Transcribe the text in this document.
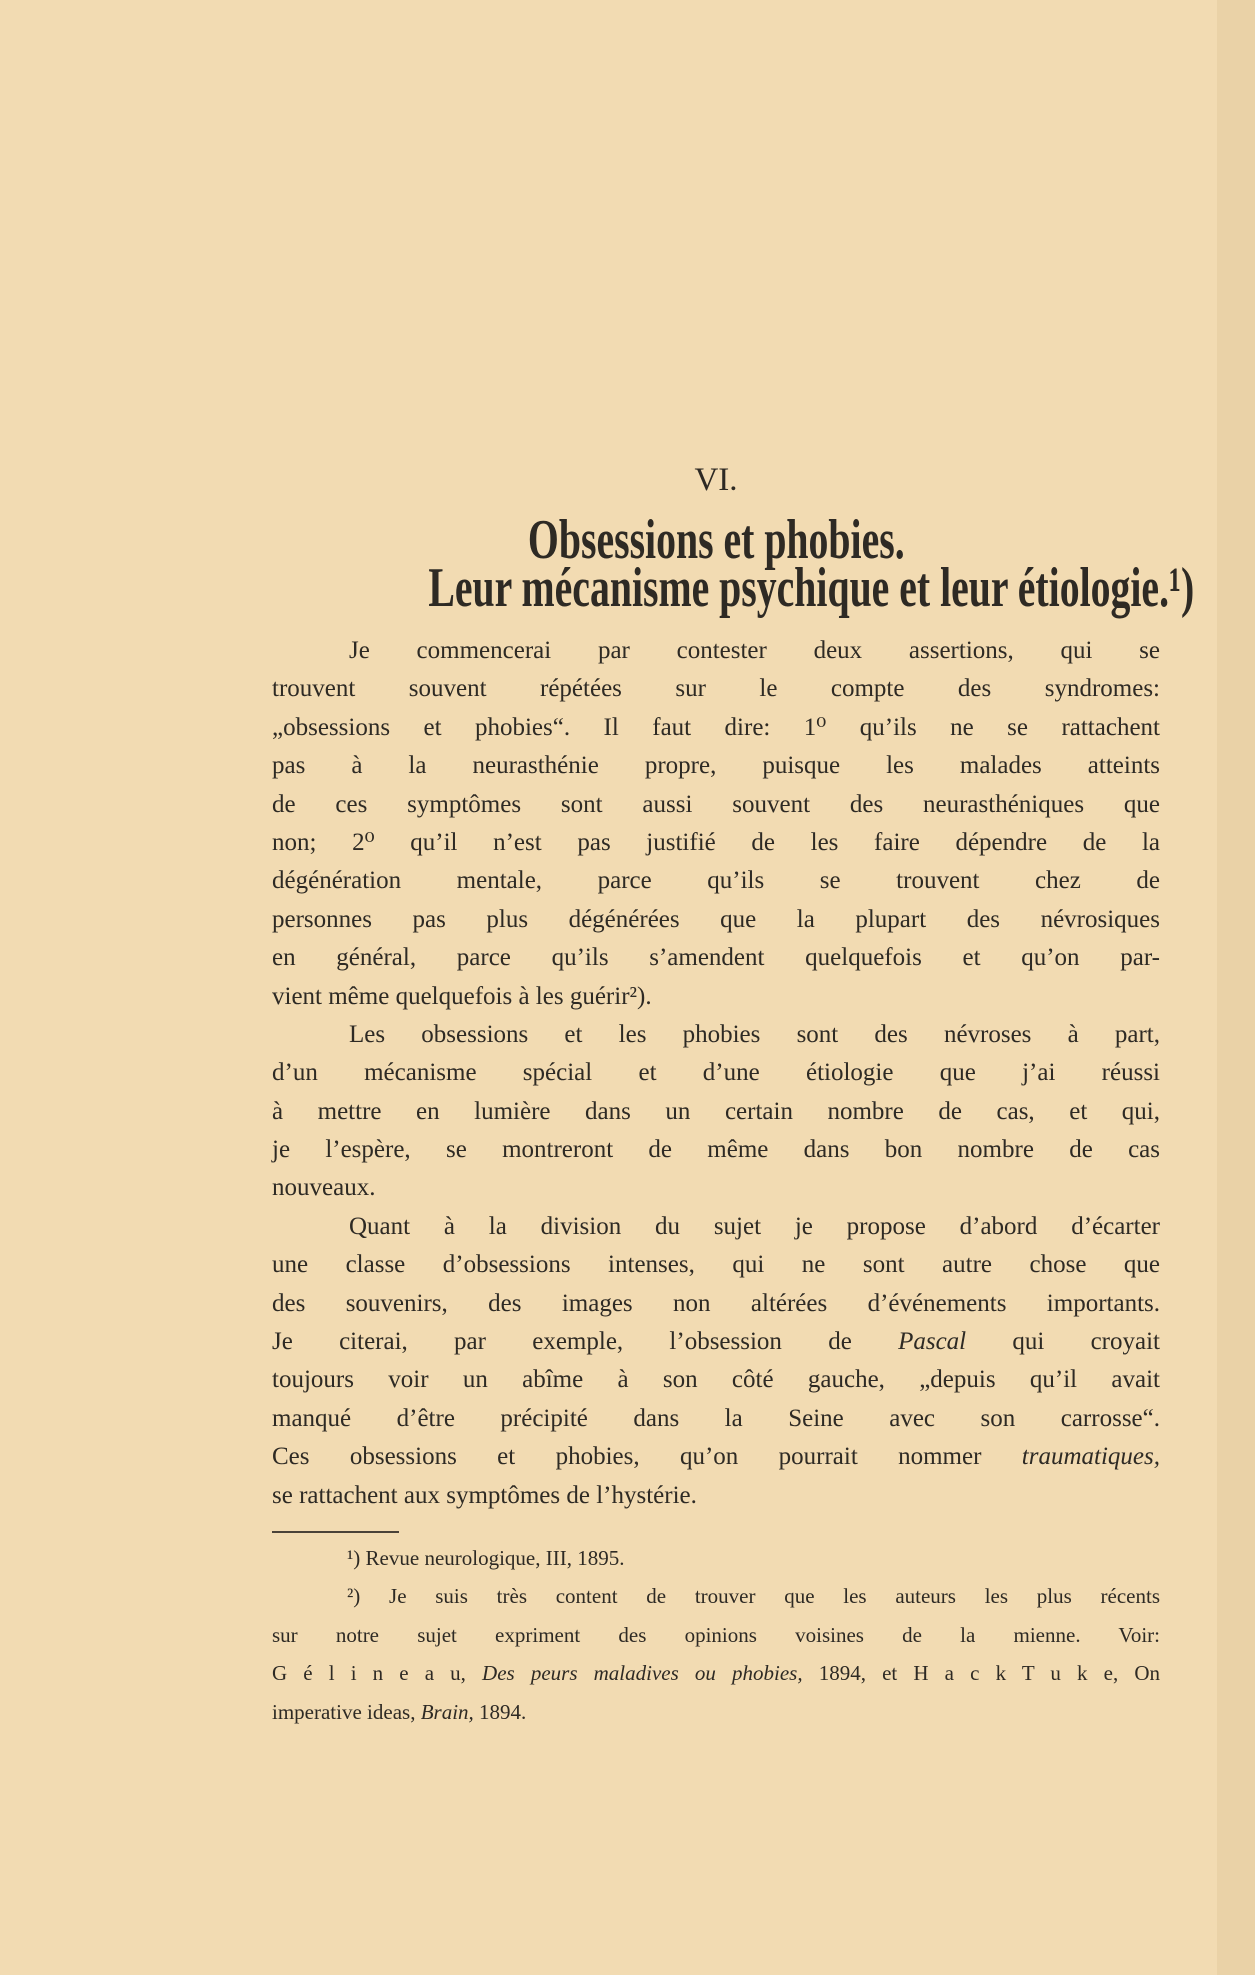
VI.
Obsessions et phobies.
Leur mécanisme psychique et leur étiologie.¹)
Je commencerai par contester deux assertions, qui se
trouvent souvent répétées sur le compte des syndromes:
„obsessions et phobies“. Il faut dire: 1⁰ qu’ils ne se rattachent
pas à la neurasthénie propre, puisque les malades atteints
de ces symptômes sont aussi souvent des neurasthéniques que
non; 2⁰ qu’il n’est pas justifié de les faire dépendre de la
dégénération mentale, parce qu’ils se trouvent chez de
personnes pas plus dégénérées que la plupart des névrosiques
en général, parce qu’ils s’amendent quelquefois et qu’on par-
vient même quelquefois à les guérir²).
Les obsessions et les phobies sont des névroses à part,
d’un mécanisme spécial et d’une étiologie que j’ai réussi
à mettre en lumière dans un certain nombre de cas, et qui,
je l’espère, se montreront de même dans bon nombre de cas
nouveaux.
Quant à la division du sujet je propose d’abord d’écarter
une classe d’obsessions intenses, qui ne sont autre chose que
des souvenirs, des images non altérées d’événements importants.
Je citerai, par exemple, l’obsession de Pascal qui croyait
toujours voir un abîme à son côté gauche, „depuis qu’il avait
manqué d’être précipité dans la Seine avec son carrosse“.
Ces obsessions et phobies, qu’on pourrait nommer traumatiques,
se rattachent aux symptômes de l’hystérie.
¹) Revue neurologique, III, 1895.
²) Je suis très content de trouver que les auteurs les plus récents
sur notre sujet expriment des opinions voisines de la mienne. Voir:
G é l i n e a u, Des peurs maladives ou phobies, 1894, et H a c k T u k e, On
imperative ideas, Brain, 1894.
